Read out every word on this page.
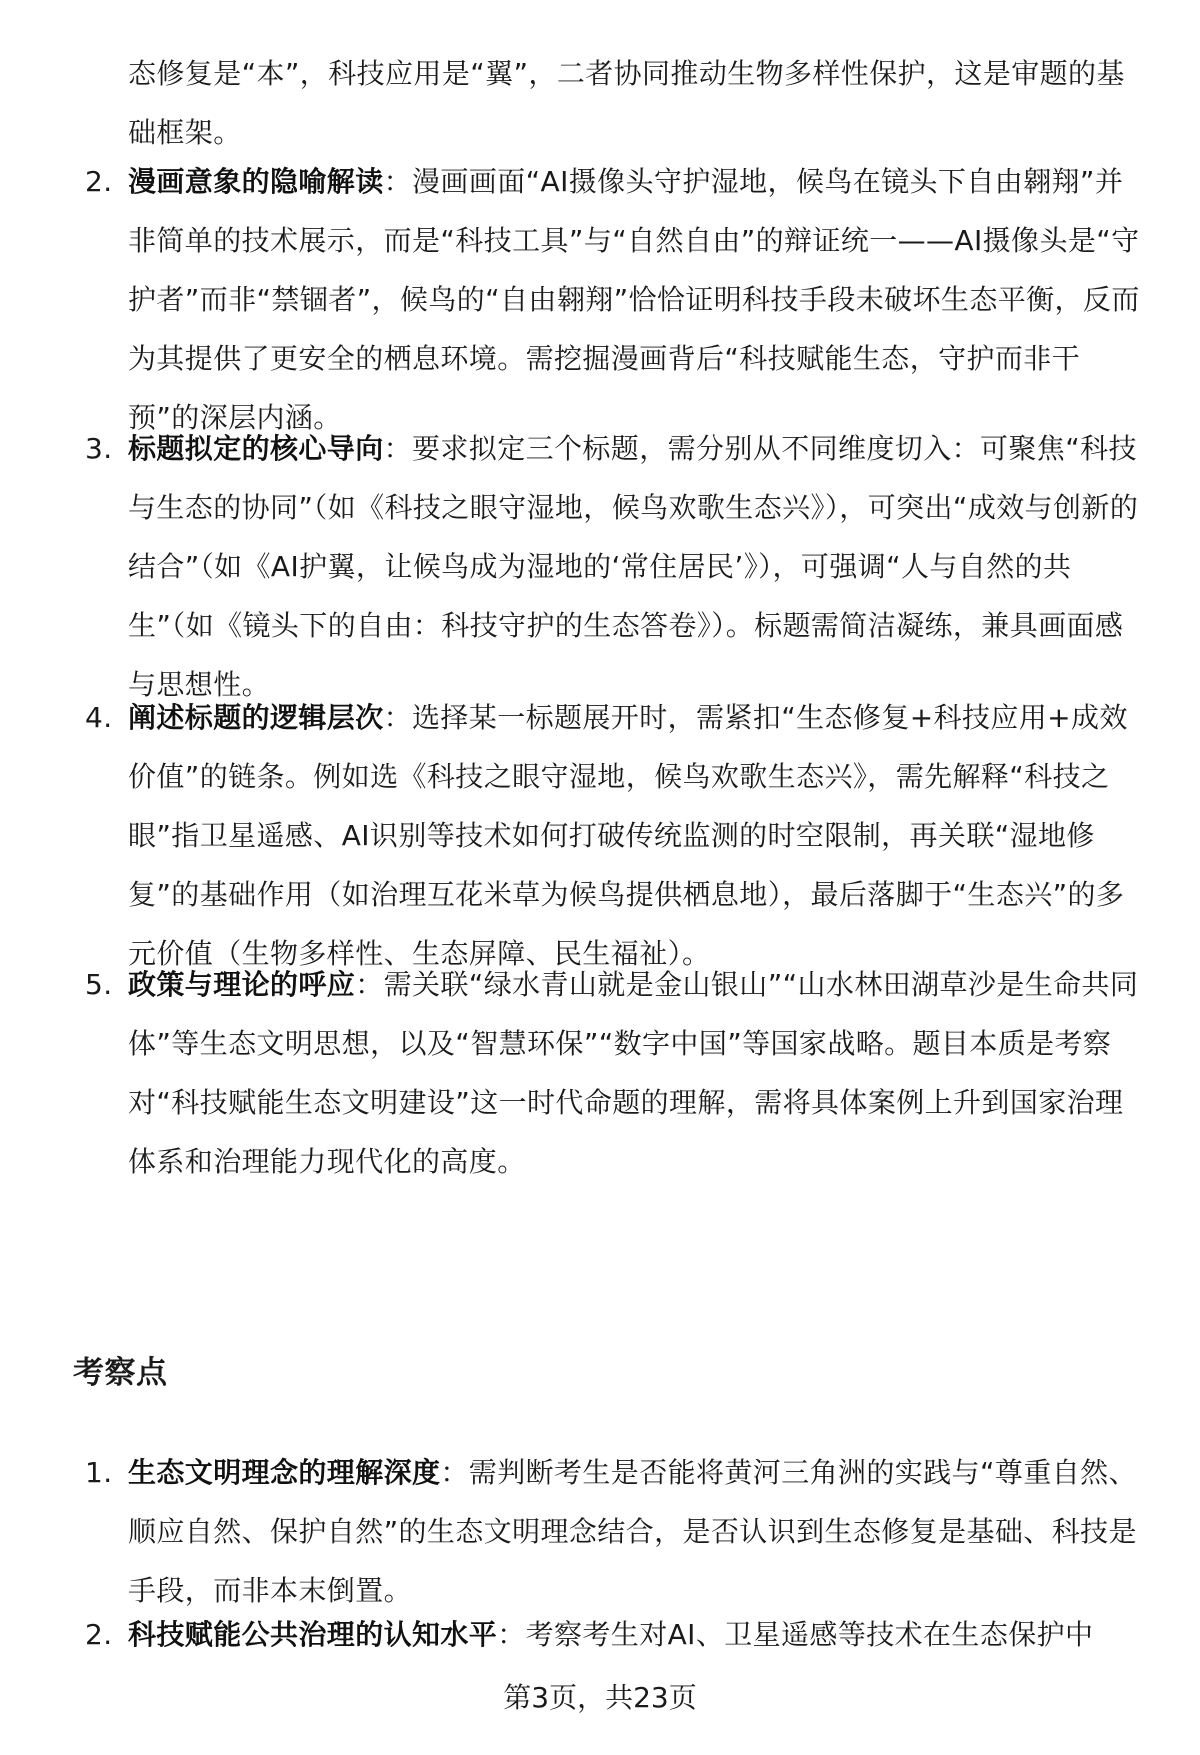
态修复是“本”，科技应用是“翼”，二者协同推动生物多样性保护，这是审题的基础框架。

2. 漫画意象的隐喻解读：漫画画面“AI摄像头守护湿地，候鸟在镜头下自由翱翔”并非简单的技术展示，而是“科技工具”与“自然自由”的辩证统一——AI摄像头是“守护者”而非“禁锢者”，候鸟的“自由翱翔”恰恰证明科技手段未破坏生态平衡，反而为其提供了更安全的栖息环境。需挖掘漫画背后“科技赋能生态，守护而非干预”的深层内涵。
3. 标题拟定的核心导向：要求拟定三个标题，需分别从不同维度切入：可聚焦“科技与生态的协同”（如《科技之眼守湿地，候鸟欢歌生态兴》），可突出“成效与创新的结合”（如《AI护翼，让候鸟成为湿地的‘常住居民’》），可强调“人与自然的共生”（如《镜头下的自由：科技守护的生态答卷》）。标题需简洁凝练，兼具画面感与思想性。
4. 阐述标题的逻辑层次：选择某一标题展开时，需紧扣“生态修复+科技应用+成效价值”的链条。例如选《科技之眼守湿地，候鸟欢歌生态兴》，需先解释“科技之眼”指卫星遥感、AI识别等技术如何打破传统监测的时空限制，再关联“湿地修复”的基础作用（如治理互花米草为候鸟提供栖息地），最后落脚于“生态兴”的多元价值（生物多样性、生态屏障、民生福祉）。
5. 政策与理论的呼应：需关联“绿水青山就是金山银山”“山水林田湖草沙是生命共同体”等生态文明思想，以及“智慧环保”“数字中国”等国家战略。题目本质是考察对“科技赋能生态文明建设”这一时代命题的理解，需将具体案例上升到国家治理体系和治理能力现代化的高度。
考察点
1. 生态文明理念的理解深度：需判断考生是否能将黄河三角洲的实践与“尊重自然、顺应自然、保护自然”的生态文明理念结合，是否认识到生态修复是基础、科技是手段，而非本末倒置。
2. 科技赋能公共治理的认知水平：考察考生对AI、卫星遥感等技术在生态保护中
第3页，共23页
